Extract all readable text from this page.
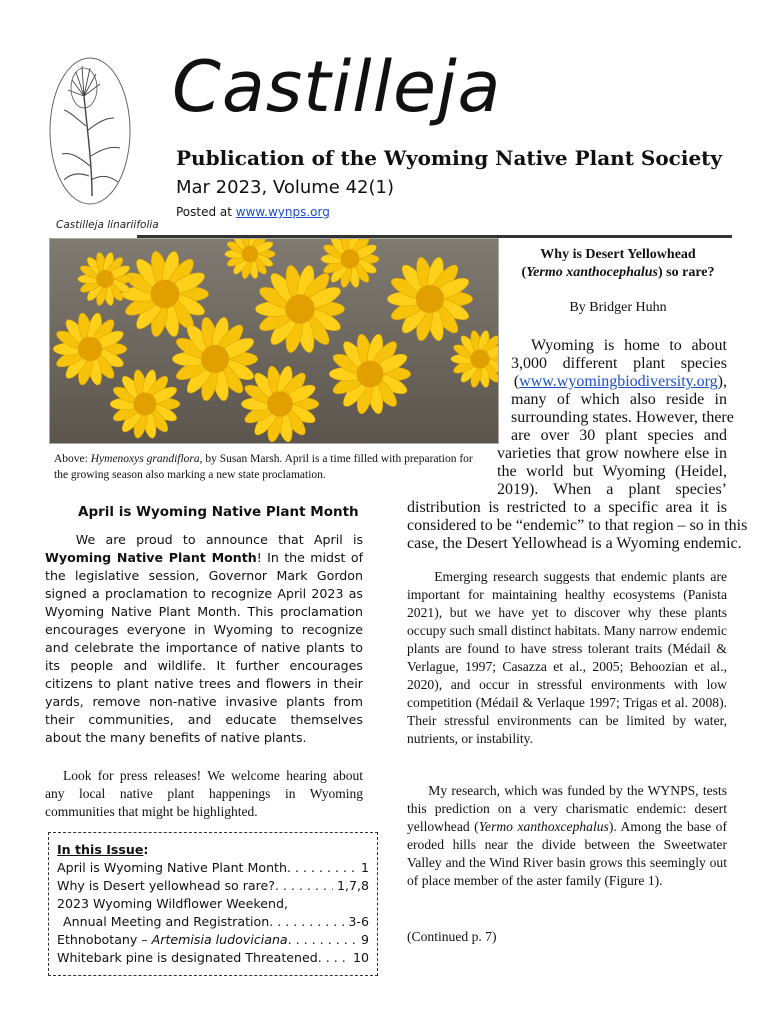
Castilleja linariifolia
Castilleja
Publication of the Wyoming Native Plant Society
Mar 2023, Volume 42(1)
Posted at www.wynps.org
Above: Hymenoxys grandiflora, by Susan Marsh. April is a time filled with preparation for the growing season also marking a new state proclamation.
April is Wyoming Native Plant Month
We are proud to announce that April is Wyoming Native Plant Month! In the midst of the legislative session, Governor Mark Gordon signed a proclamation to recognize April 2023 as Wyoming Native Plant Month. This proclamation encourages everyone in Wyoming to recognize and celebrate the importance of native plants to its people and wildlife. It further encourages citizens to plant native trees and flowers in their yards, remove non-native invasive plants from their communities, and educate themselves about the many benefits of native plants.
Look for press releases! We welcome hearing about any local native plant happenings in Wyoming communities that might be highlighted.
In this Issue:
April is Wyoming Native Plant Month . . .	1
Why is Desert yellowhead so rare? . . .	1,7,8
2023 Wyoming Wildflower Weekend,
Annual Meeting and Registration . . .	3-6
Ethnobotany – Artemisia ludoviciana . . .	9
Whitebark pine is designated Threatened . . .	10
Why is Desert Yellowhead
(Yermo xanthocephalus) so rare?
By Bridger Huhn
Emerging research suggests that endemic plants are important for maintaining healthy ecosystems (Panista 2021), but we have yet to discover why these plants occupy such small distinct habitats. Many narrow endemic plants are found to have stress tolerant traits (Médail & Verlague, 1997; Casazza et al., 2005; Behoozian et al., 2020), and occur in stressful environments with low competition (Médail & Verlaque 1997; Trigas et al. 2008). Their stressful environments can be limited by water, nutrients, or instability.
My research, which was funded by the WYNPS, tests this prediction on a very charismatic endemic: desert yellowhead (Yermo xanthoxcephalus). Among the base of eroded hills near the divide between the Sweetwater Valley and the Wind River basin grows this seemingly out of place member of the aster family (Figure 1).
(Continued p. 7)
Wyoming is home to about
3,000 different plant species
(www.wyomingbiodiversity.org),
many of which also reside in
surrounding states. However, there
are over 30 plant species and
varieties that grow nowhere else in
the world but Wyoming (Heidel,
2019). When a plant species’
distribution is restricted to a specific area it is
considered to be “endemic” to that region – so in this
case, the Desert Yellowhead is a Wyoming endemic.
